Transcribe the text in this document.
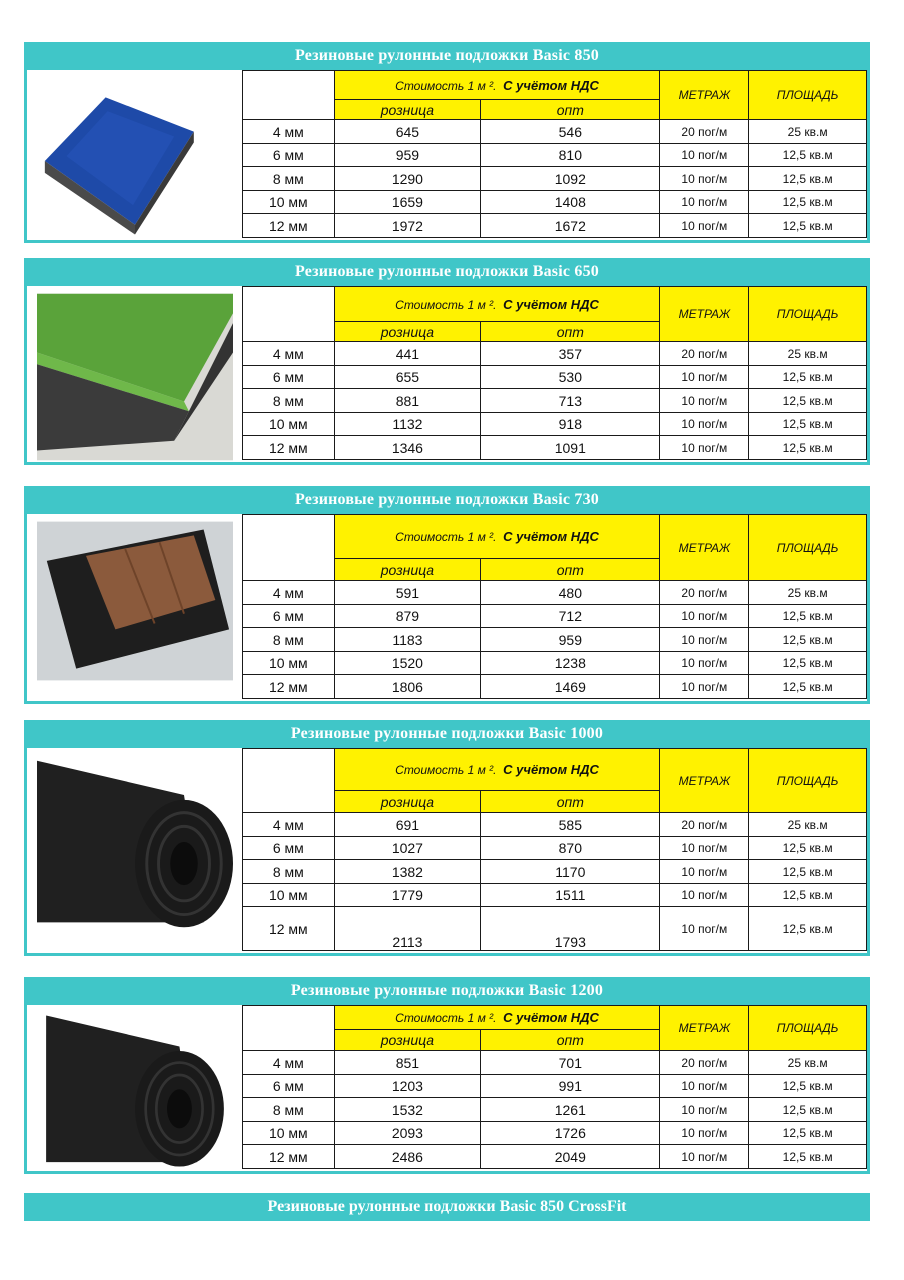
Резиновые рулонные подложки Basic 850
	Стоимость 1 м ². С учётом НДС		МЕТРАЖ	ПЛОЩАДЬ
	розница	опт		
4 мм	645	546	20 пог/м	25 кв.м
6 мм	959	810	10 пог/м	12,5 кв.м
8 мм	1290	1092	10 пог/м	12,5 кв.м
10 мм	1659	1408	10 пог/м	12,5 кв.м
12 мм	1972	1672	10 пог/м	12,5 кв.м
Резиновые рулонные подложки Basic 650
	Стоимость 1 м ². С учётом НДС		МЕТРАЖ	ПЛОЩАДЬ
	розница	опт		
4 мм	441	357	20 пог/м	25 кв.м
6 мм	655	530	10 пог/м	12,5 кв.м
8 мм	881	713	10 пог/м	12,5 кв.м
10 мм	1132	918	10 пог/м	12,5 кв.м
12 мм	1346	1091	10 пог/м	12,5 кв.м
Резиновые рулонные подложки Basic 730
	Стоимость 1 м ². С учётом НДС		МЕТРАЖ	ПЛОЩАДЬ
	розница	опт		
4 мм	591	480	20 пог/м	25 кв.м
6 мм	879	712	10 пог/м	12,5 кв.м
8 мм	1183	959	10 пог/м	12,5 кв.м
10 мм	1520	1238	10 пог/м	12,5 кв.м
12 мм	1806	1469	10 пог/м	12,5 кв.м
Резиновые рулонные подложки Basic 1000
	Стоимость 1 м ². С учётом НДС		МЕТРАЖ	ПЛОЩАДЬ
	розница	опт		
4 мм	691	585	20 пог/м	25 кв.м
6 мм	1027	870	10 пог/м	12,5 кв.м
8 мм	1382	1170	10 пог/м	12,5 кв.м
10 мм	1779	1511	10 пог/м	12,5 кв.м
12 мм	2113	1793	10 пог/м	12,5 кв.м
Резиновые рулонные подложки Basic 1200
	Стоимость 1 м ². С учётом НДС		МЕТРАЖ	ПЛОЩАДЬ
	розница	опт		
4 мм	851	701	20 пог/м	25 кв.м
6 мм	1203	991	10 пог/м	12,5 кв.м
8 мм	1532	1261	10 пог/м	12,5 кв.м
10 мм	2093	1726	10 пог/м	12,5 кв.м
12 мм	2486	2049	10 пог/м	12,5 кв.м
Резиновые рулонные подложки Basic 850 CrossFit
